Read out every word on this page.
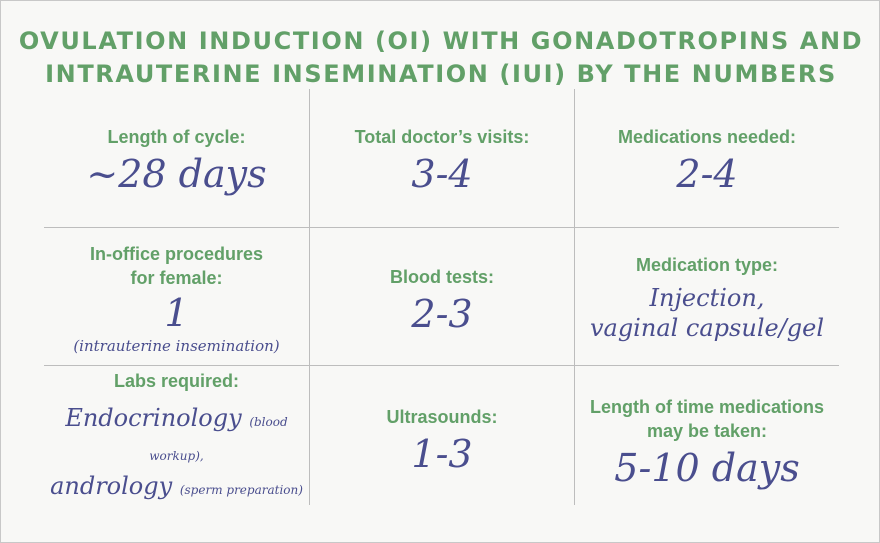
OVULATION INDUCTION (OI) WITH GONADOTROPINS AND
INTRAUTERINE INSEMINATION (IUI) BY THE NUMBERS
Length of cycle:
~28 days
Total doctor’s visits:
3-4
Medications needed:
2-4
In-office procedures
for female:
1
(intrauterine insemination)
Blood tests:
2-3
Medication type:
Injection,
vaginal capsule/gel
Labs required:
Endocrinology (blood workup),
andrology (sperm preparation)
Ultrasounds:
1-3
Length of time medications
may be taken:
5-10 days
